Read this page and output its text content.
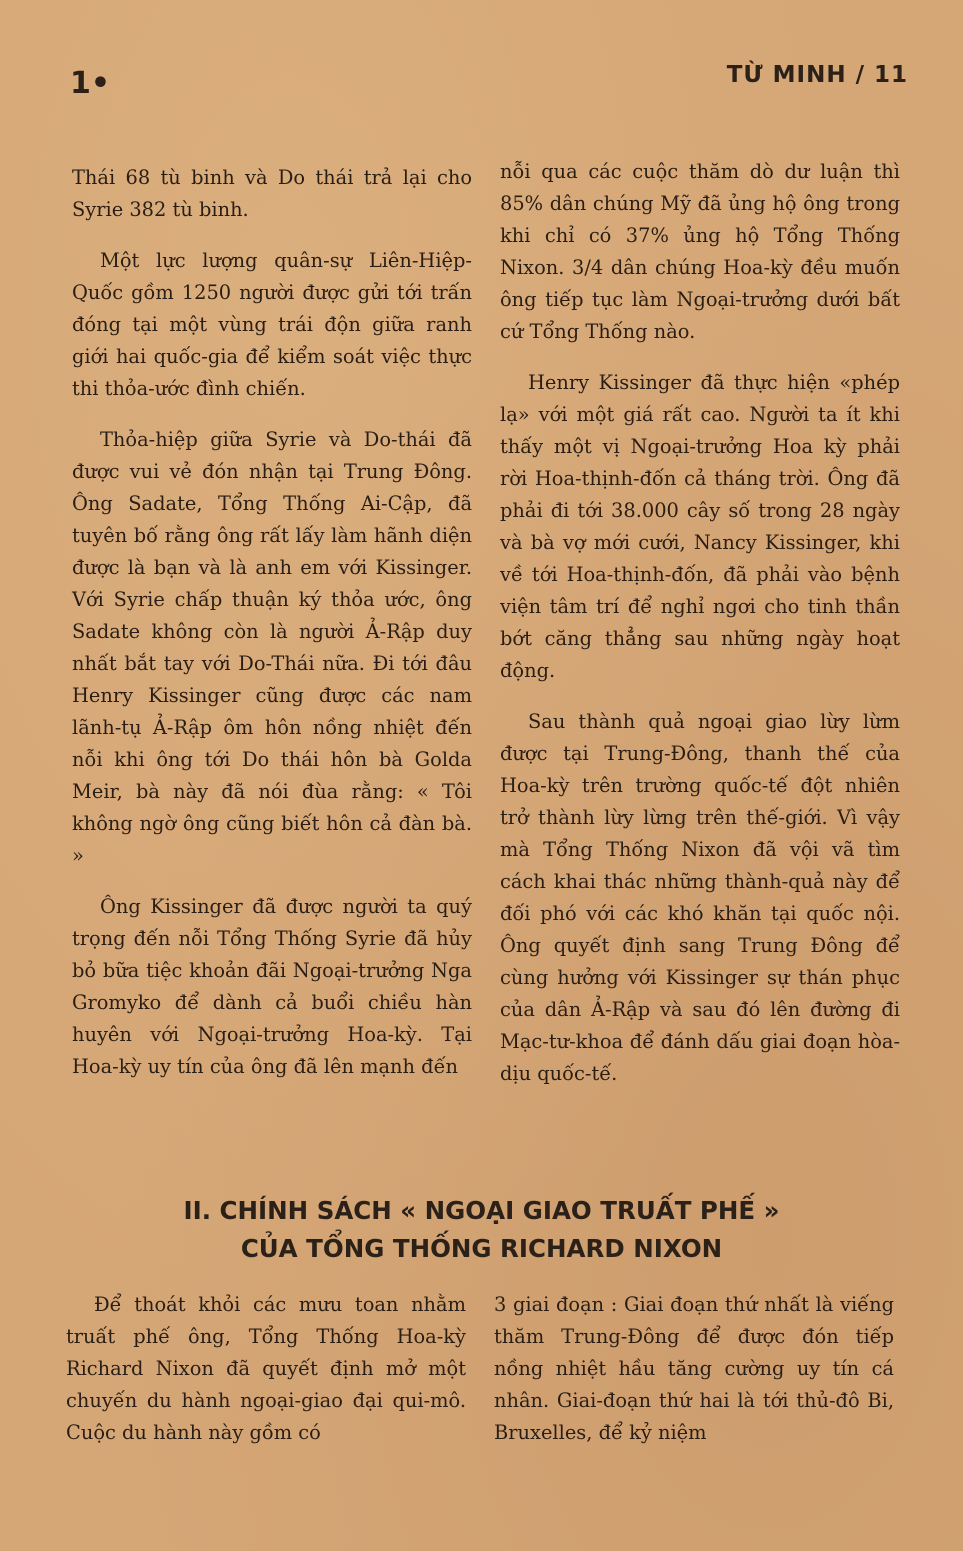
1•	TỪ MINH / 11

Thái 68 tù binh và Do thái trả lại cho Syrie 382 tù binh.

Một lực lượng quân-sự Liên-Hiệp-Quốc gồm 1250 người được gửi tới trấn đóng tại một vùng trái độn giữa ranh giới hai quốc-gia để kiểm soát việc thực thi thỏa-ước đình chiến.

Thỏa-hiệp giữa Syrie và Do-thái đã được vui vẻ đón nhận tại Trung Đông. Ông Sadate, Tổng Thống Ai-Cập, đã tuyên bố rằng ông rất lấy làm hãnh diện được là bạn và là anh em với Kissinger. Với Syrie chấp thuận ký thỏa ước, ông Sadate không còn là người Ả-Rập duy nhất bắt tay với Do-Thái nữa. Đi tới đâu Henry Kissinger cũng được các nam lãnh-tụ Ả-Rập ôm hôn nồng nhiệt đến nỗi khi ông tới Do thái hôn bà Golda Meir, bà này đã nói đùa rằng: « Tôi không ngờ ông cũng biết hôn cả đàn bà. »

Ông Kissinger đã được người ta quý trọng đến nỗi Tổng Thống Syrie đã hủy bỏ bữa tiệc khoản đãi Ngoại-trưởng Nga Gromyko để dành cả buổi chiều hàn huyên với Ngoại-trưởng Hoa-kỳ. Tại Hoa-kỳ uy tín của ông đã lên mạnh đến

nỗi qua các cuộc thăm dò dư luận thì 85% dân chúng Mỹ đã ủng hộ ông trong khi chỉ có 37% ủng hộ Tổng Thống Nixon. 3/4 dân chúng Hoa-kỳ đều muốn ông tiếp tục làm Ngoại-trưởng dưới bất cứ Tổng Thống nào.

Henry Kissinger đã thực hiện «phép lạ» với một giá rất cao. Người ta ít khi thấy một vị Ngoại-trưởng Hoa kỳ phải rời Hoa-thịnh-đốn cả tháng trời. Ông đã phải đi tới 38.000 cây số trong 28 ngày và bà vợ mới cưới, Nancy Kissinger, khi về tới Hoa-thịnh-đốn, đã phải vào bệnh viện tâm trí để nghỉ ngơi cho tinh thần bớt căng thẳng sau những ngày hoạt động.

Sau thành quả ngoại giao lừy lừm được tại Trung-Đông, thanh thế của Hoa-kỳ trên trường quốc-tế đột nhiên trở thành lừy lừng trên thế-giới. Vì vậy mà Tổng Thống Nixon đã vội vã tìm cách khai thác những thành-quả này để đối phó với các khó khăn tại quốc nội. Ông quyết định sang Trung Đông để cùng hưởng với Kissinger sự thán phục của dân Ả-Rập và sau đó lên đường đi Mạc-tư-khoa để đánh dấu giai đoạn hòa-dịu quốc-tế.

II. CHÍNH SÁCH « NGOẠI GIAO TRUẤT PHẾ »
CỦA TỔNG THỐNG RICHARD NIXON

Để thoát khỏi các mưu toan nhằm truất phế ông, Tổng Thống Hoa-kỳ Richard Nixon đã quyết định mở một chuyến du hành ngoại-giao đại qui-mô. Cuộc du hành này gồm có

3 giai đoạn : Giai đoạn thứ nhất là viếng thăm Trung-Đông để được đón tiếp nồng nhiệt hầu tăng cường uy tín cá nhân. Giai-đoạn thứ hai là tới thủ-đô Bi, Bruxelles, để kỷ niệm
